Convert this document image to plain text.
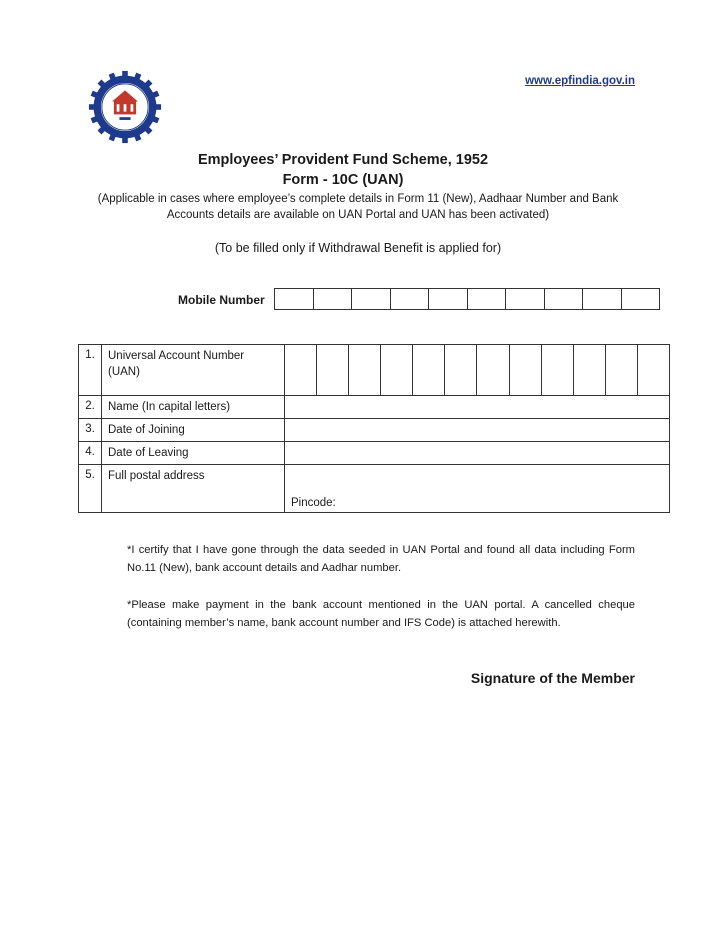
www.epfindia.gov.in
Employees’ Provident Fund Scheme, 1952
Form - 10C (UAN)
(Applicable in cases where employee’s complete details in Form 11 (New), Aadhaar Number and Bank Accounts details are available on UAN Portal and UAN has been activated)
(To be filled only if Withdrawal Benefit is applied for)
Mobile Number
1.	Universal Account Number (UAN)	

2.	Name (In capital letters)	
3.	Date of Joining	
4.	Date of Leaving	
5.	Full postal address	Pincode:
*I certify that I have gone through the data seeded in UAN Portal and found all data including Form No.11 (New), bank account details and Aadhar number.
*Please make payment in the bank account mentioned in the UAN portal. A cancelled cheque (containing member’s name, bank account number and IFS Code) is attached herewith.
Signature of the Member
